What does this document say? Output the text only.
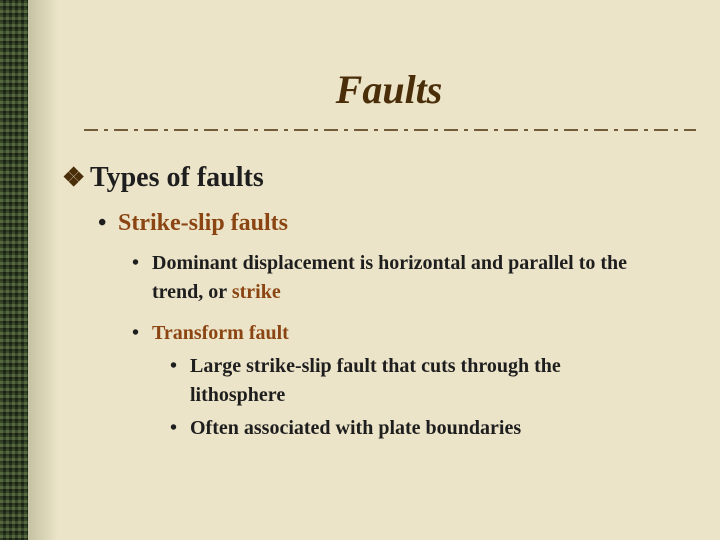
Faults
❖ Types of faults
• Strike-slip faults
• Dominant displacement is horizontal and parallel to the trend, or strike
• Transform fault
• Large strike-slip fault that cuts through the lithosphere
• Often associated with plate boundaries
